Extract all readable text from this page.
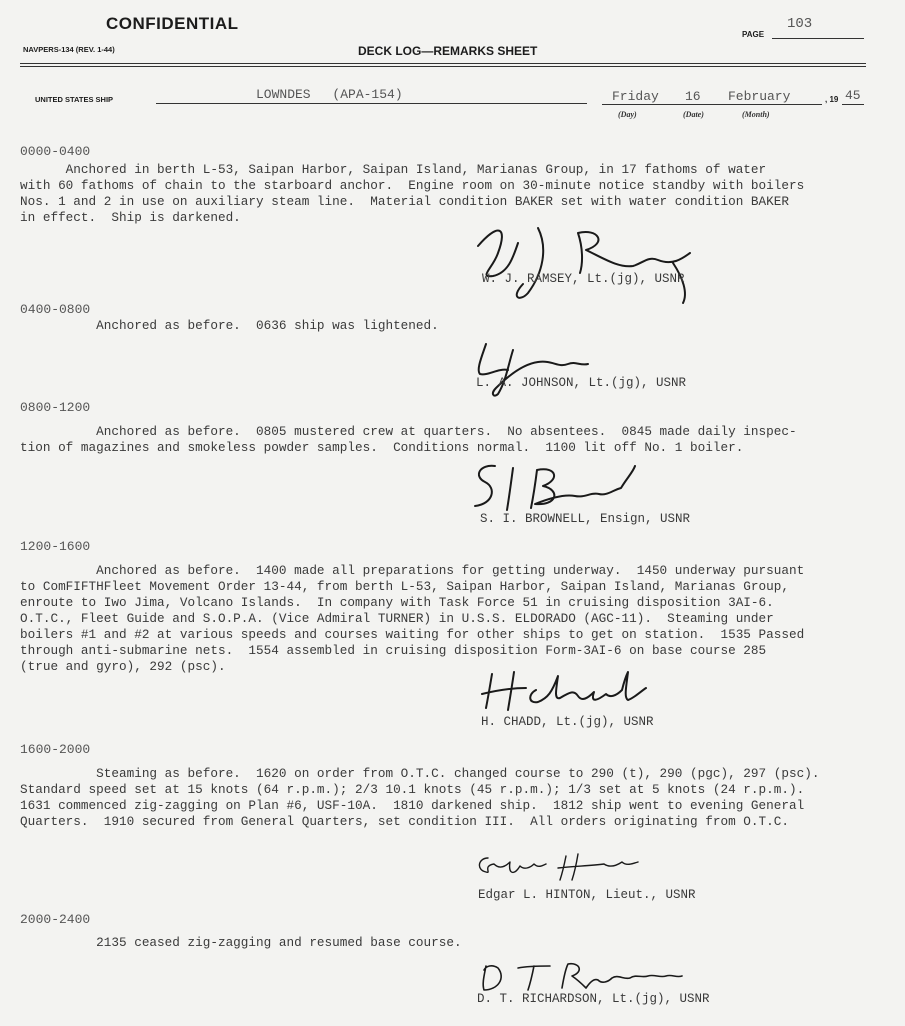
CONFIDENTIAL
NAVPERS-134 (REV. 1-44)	DECK LOG—REMARKS SHEET
PAGE
103
UNITED STATES SHIP	LOWNDES (APA-154)	Friday 16 February
(Day)	(Date)	(Month)
, 19 45
0000-0400
Anchored in berth L-53, Saipan Harbor, Saipan Island, Marianas Group, in 17 fathoms of water
with 60 fathoms of chain to the starboard anchor.  Engine room on 30-minute notice standby with boilers
Nos. 1 and 2 in use on auxiliary steam line.  Material condition BAKER set with water condition BAKER
in effect.  Ship is darkened.
W. J. RAMSEY, Lt.(jg), USNR
0400-0800
Anchored as before.  0636 ship was lightened.
L. A. JOHNSON, Lt.(jg), USNR
0800-1200
Anchored as before.  0805 mustered crew at quarters.  No absentees.  0845 made daily inspec-
tion of magazines and smokeless powder samples.  Conditions normal.  1100 lit off No. 1 boiler.
S. I. BROWNELL, Ensign, USNR
1200-1600
Anchored as before.  1400 made all preparations for getting underway.  1450 underway pursuant
to ComFIFTHFleet Movement Order 13-44, from berth L-53, Saipan Harbor, Saipan Island, Marianas Group,
enroute to Iwo Jima, Volcano Islands.  In company with Task Force 51 in cruising disposition 3AI-6.
O.T.C., Fleet Guide and S.O.P.A. (Vice Admiral TURNER) in U.S.S. ELDORADO (AGC-11).  Steaming under
boilers #1 and #2 at various speeds and courses waiting for other ships to get on station.  1535 Passed
through anti-submarine nets.  1554 assembled in cruising disposition Form-3AI-6 on base course 285
(true and gyro), 292 (psc).
H. CHADD, Lt.(jg), USNR
1600-2000
Steaming as before.  1620 on order from O.T.C. changed course to 290 (t), 290 (pgc), 297 (psc).
Standard speed set at 15 knots (64 r.p.m.); 2/3 10.1 knots (45 r.p.m.); 1/3 set at 5 knots (24 r.p.m.).
1631 commenced zig-zagging on Plan #6, USF-10A.  1810 darkened ship.  1812 ship went to evening General
Quarters.  1910 secured from General Quarters, set condition III.  All orders originating from O.T.C.
Edgar L. HINTON, Lieut., USNR
2000-2400
2135 ceased zig-zagging and resumed base course.
D. T. RICHARDSON, Lt.(jg), USNR
